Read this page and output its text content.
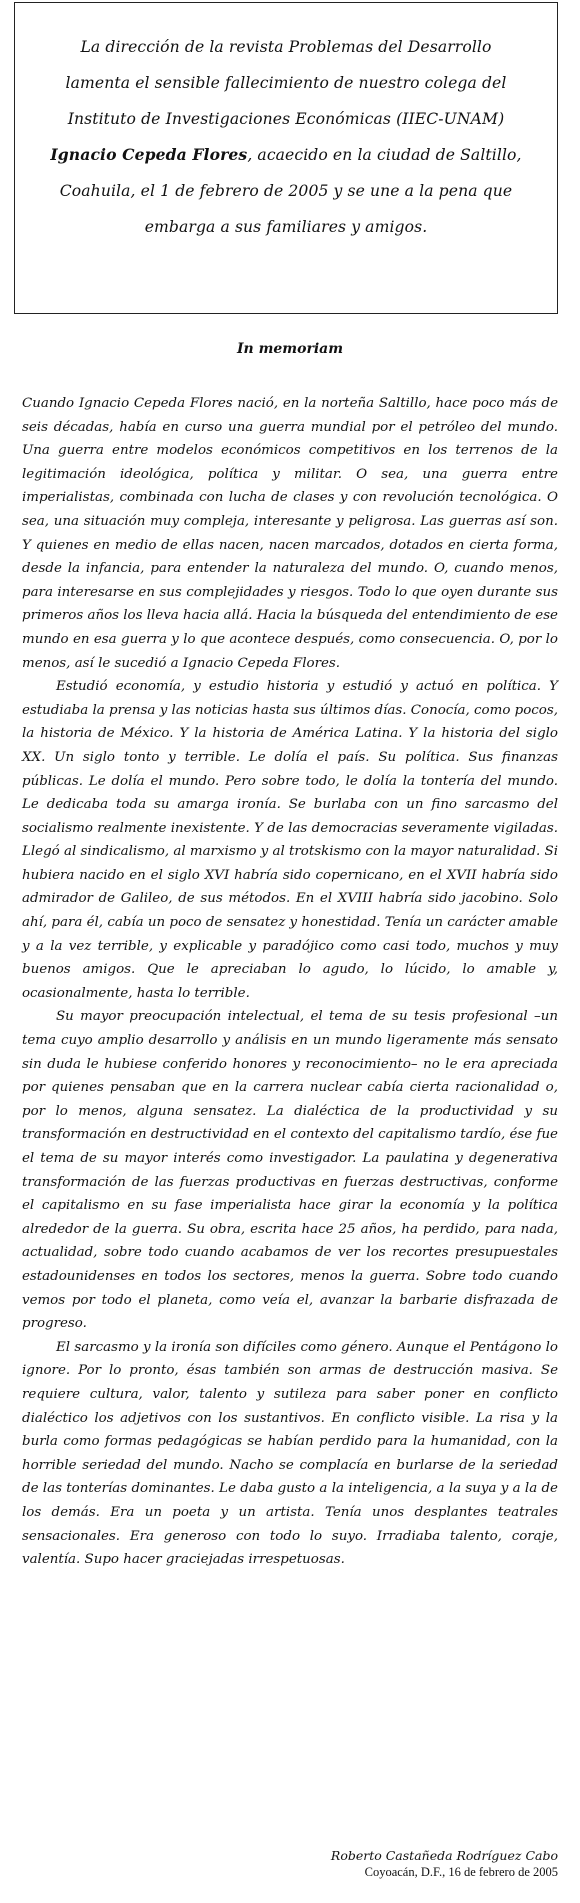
La dirección de la revista Problemas del Desarrollo lamenta el sensible fallecimiento de nuestro colega del Instituto de Investigaciones Económicas (IIEC-UNAM) Ignacio Cepeda Flores, acaecido en la ciudad de Saltillo, Coahuila, el 1 de febrero de 2005 y se une a la pena que embarga a sus familiares y amigos.

In memoriam

Cuando Ignacio Cepeda Flores nació, en la norteña Saltillo, hace poco más de seis décadas, había en curso una guerra mundial por el petróleo del mundo. Una guerra entre modelos económicos competitivos en los terrenos de la legitimación ideológica, política y militar. O sea, una guerra entre imperialistas, combinada con lucha de clases y con revolución tecnológica. O sea, una situación muy compleja, interesante y peligrosa. Las guerras así son. Y quienes en medio de ellas nacen, nacen marcados, dotados en cierta forma, desde la infancia, para entender la naturaleza del mundo. O, cuando menos, para interesarse en sus complejidades y riesgos. Todo lo que oyen durante sus primeros años los lleva hacia allá. Hacia la búsqueda del entendimiento de ese mundo en esa guerra y lo que acontece después, como consecuencia. O, por lo menos, así le sucedió a Ignacio Cepeda Flores.

Estudió economía, y estudio historia y estudió y actuó en política. Y estudiaba la prensa y las noticias hasta sus últimos días. Conocía, como pocos, la historia de México. Y la historia de América Latina. Y la historia del siglo XX. Un siglo tonto y terrible. Le dolía el país. Su política. Sus finanzas públicas. Le dolía el mundo. Pero sobre todo, le dolía la tontería del mundo. Le dedicaba toda su amarga ironía. Se burlaba con un fino sarcasmo del socialismo realmente inexistente. Y de las democracias severamente vigiladas. Llegó al sindicalismo, al marxismo y al trotskismo con la mayor naturalidad. Si hubiera nacido en el siglo XVI habría sido copernicano, en el XVII habría sido admirador de Galileo, de sus métodos. En el XVIII habría sido jacobino. Solo ahí, para él, cabía un poco de sensatez y honestidad. Tenía un carácter amable y a la vez terrible, y explicable y paradójico como casi todo, muchos y muy buenos amigos. Que le apreciaban lo agudo, lo lúcido, lo amable y, ocasionalmente, hasta lo terrible.

Su mayor preocupación intelectual, el tema de su tesis profesional –un tema cuyo amplio desarrollo y análisis en un mundo ligeramente más sensato sin duda le hubiese conferido honores y reconocimiento– no le era apreciada por quienes pensaban que en la carrera nuclear cabía cierta racionalidad o, por lo menos, alguna sensatez. La dialéctica de la productividad y su transformación en destructividad en el contexto del capitalismo tardío, ése fue el tema de su mayor interés como investigador. La paulatina y degenerativa transformación de las fuerzas productivas en fuerzas destructivas, conforme el capitalismo en su fase imperialista hace girar la economía y la política alrededor de la guerra. Su obra, escrita hace 25 años, ha perdido, para nada, actualidad, sobre todo cuando acabamos de ver los recortes presupuestales estadounidenses en todos los sectores, menos la guerra. Sobre todo cuando vemos por todo el planeta, como veía el, avanzar la barbarie disfrazada de progreso.

El sarcasmo y la ironía son difíciles como género. Aunque el Pentágono lo ignore. Por lo pronto, ésas también son armas de destrucción masiva. Se requiere cultura, valor, talento y sutileza para saber poner en conflicto dialéctico los adjetivos con los sustantivos. En conflicto visible. La risa y la burla como formas pedagógicas se habían perdido para la humanidad, con la horrible seriedad del mundo. Nacho se complacía en burlarse de la seriedad de las tonterías dominantes. Le daba gusto a la inteligencia, a la suya y a la de los demás. Era un poeta y un artista. Tenía unos desplantes teatrales sensacionales. Era generoso con todo lo suyo. Irradiaba talento, coraje, valentía. Supo hacer graciejadas irrespetuosas.

Roberto Castañeda Rodríguez Cabo

Coyoacán, D.F., 16 de febrero de 2005
